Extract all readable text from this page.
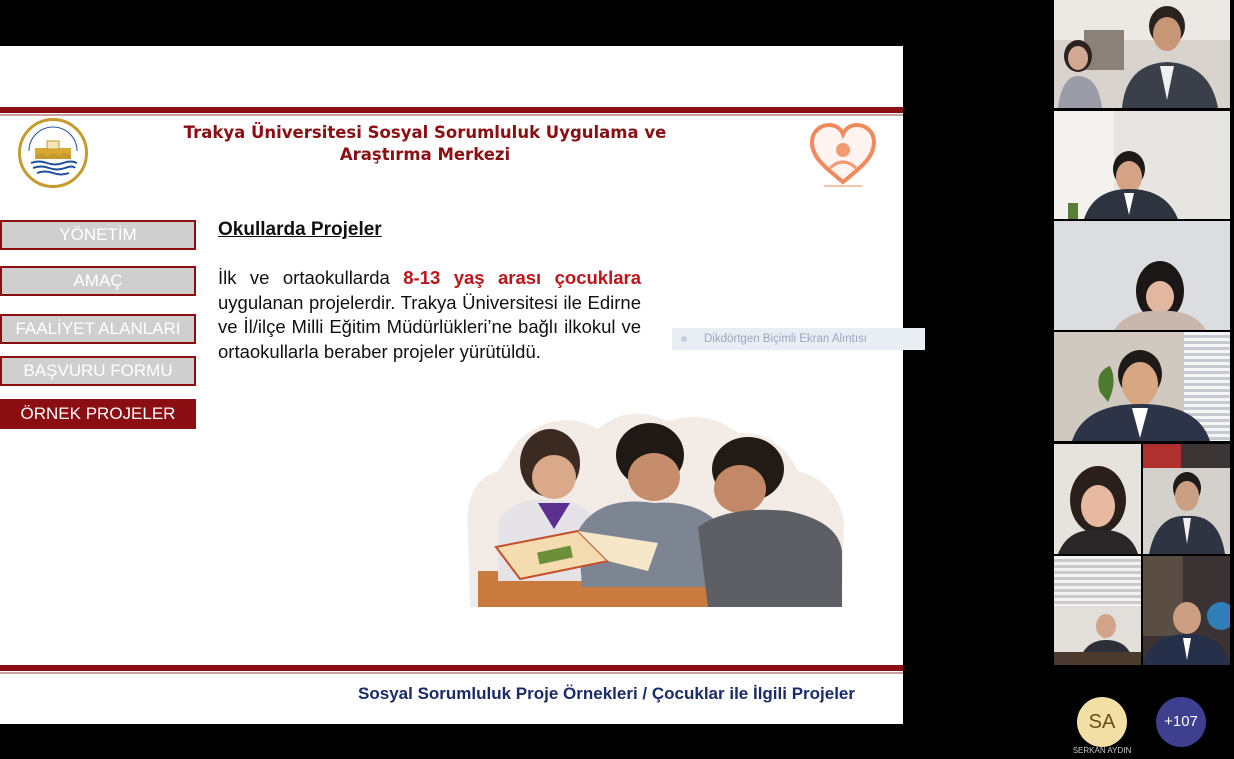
Trakya Üniversitesi Sosyal Sorumluluk Uygulama ve
Araştırma Merkezi
YÖNETİM
AMAÇ
FAALİYET ALANLARI
BAŞVURU FORMU
ÖRNEK PROJELER
Okullarda Projeler
İlk ve ortaokullarda 8-13 yaş arası çocuklara uygulanan projelerdir. Trakya Üniversitesi ile Edirne ve İl/ilçe Milli Eğitim Müdürlükleri’ne bağlı ilkokul ve ortaokullarla beraber projeler yürütüldü.
Sosyal Sorumluluk Proje Örnekleri / Çocuklar ile İlgili Projeler
Dikdörtgen Biçimli Ekran Alıntısı
SA
SERKAN AYDIN
+107
